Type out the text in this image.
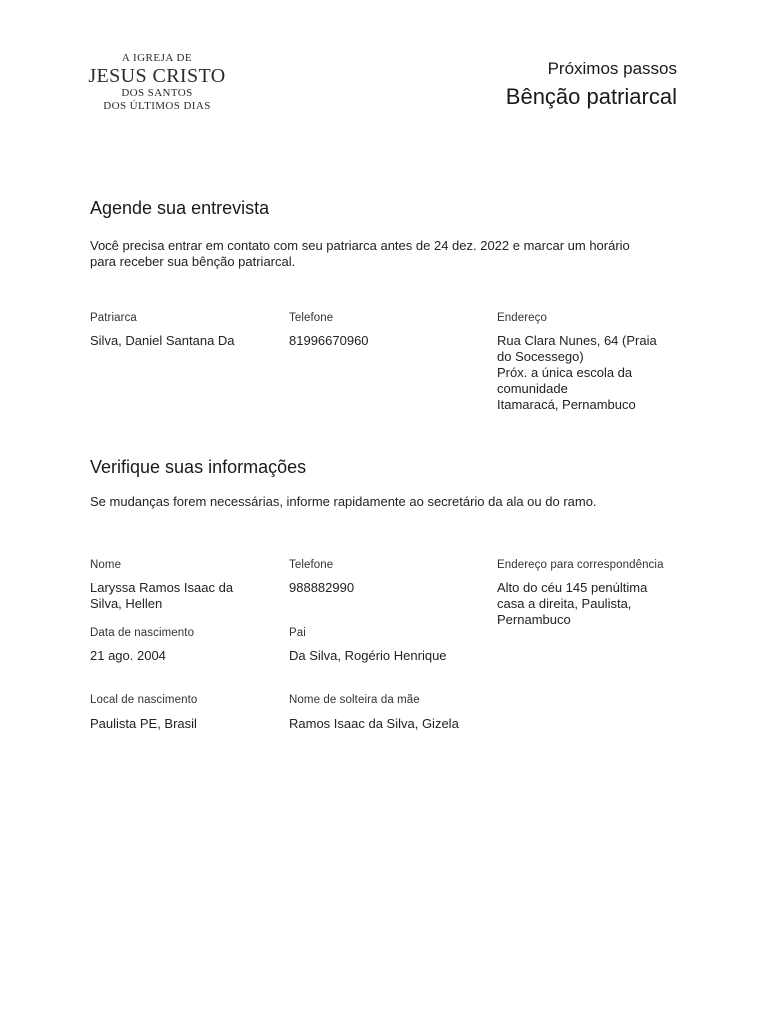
A IGREJA DE
JESUS CRISTO
DOS SANTOS
DOS ÚLTIMOS DIAS
Próximos passos
Bênção patriarcal
Agende sua entrevista
Você precisa entrar em contato com seu patriarca antes de 24 dez. 2022 e marcar um horário
para receber sua bênção patriarcal.
Patriarca	Telefone	Endereço
Silva, Daniel Santana Da	81996670960	Rua Clara Nunes, 64 (Praia
do Socessego)
Próx. a única escola da
comunidade
Itamaracá, Pernambuco
Verifique suas informações
Se mudanças forem necessárias, informe rapidamente ao secretário da ala ou do ramo.
Nome	Telefone	Endereço para correspondência
Laryssa Ramos Isaac da
Silva, Hellen
988882990	Alto do céu 145 penúltima
casa a direita, Paulista,
Pernambuco
Data de nascimento	Pai
21 ago. 2004	Da Silva, Rogério Henrique
Local de nascimento	Nome de solteira da mãe
Paulista PE, Brasil	Ramos Isaac da Silva, Gizela
